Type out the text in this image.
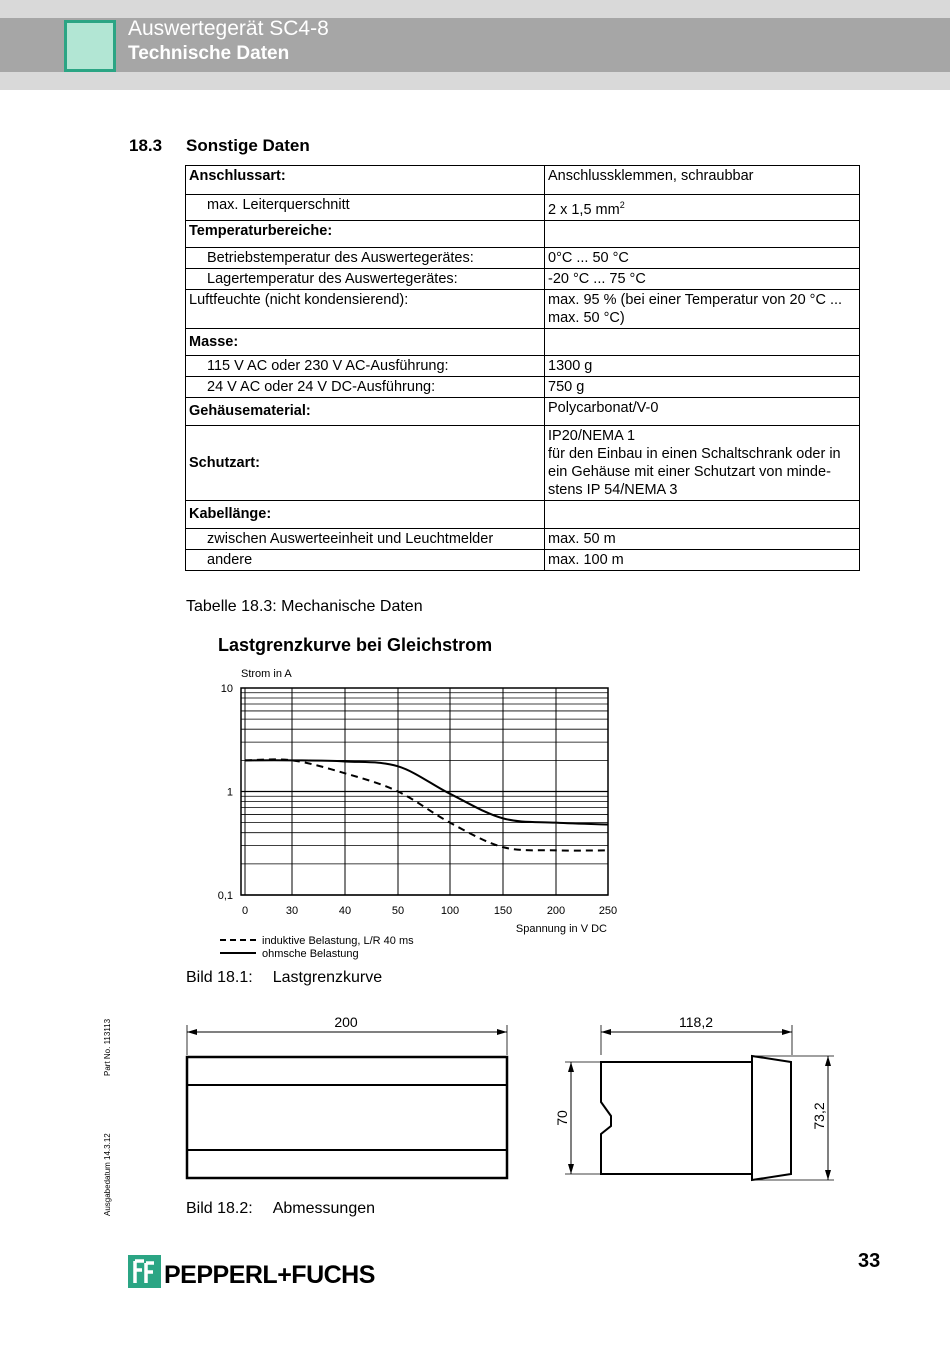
Auswertegerät SC4-8
Technische Daten
18.3 Sonstige Daten
Anschlussart:	Anschlussklemmen, schraubbar
max. Leiterquerschnitt	2 x 1,5 $mm^2$
Temperaturbereiche:	
Betriebstemperatur des Auswertegerätes:	0°C ... 50 °C
Lagertemperatur des Auswertegerätes:	-20 °C ... 75 °C
Luftfeuchte (nicht kondensierend):	max. 95 % (bei einer Temperatur von 20 °C ...
max. 50 °C)

Masse:	
115 V AC oder 230 V AC-Ausführung:	1300 g
24 V AC oder 24 V DC-Ausführung:	750 g
Gehäusematerial:	Polycarbonat/V-0
Schutzart:	IP20/NEMA 1
für den Einbau in einen Schaltschrank oder in
ein Gehäuse mit einer Schutzart von minde-
stens IP 54/NEMA 3

Kabellänge:	
zwischen Auswerteeinheit und Leuchtmelder	max. 50 m
andere	max. 100 m
Tabelle 18.3: Mechanische Daten
Lastgrenzkurve bei Gleichstrom
Strom in A
10
1
0,1
0	30	40	50	100	150	200	250
Spannung in V DC
induktive Belastung, L/R 40 ms
ohmsche Belastung
Bild 18.1: Lastgrenzkurve
200	118,2
70	73,2
Bild 18.2: Abmessungen
Part No. 113113
Ausgabedatum 14.3.12
33
PEPPERL+FUCHS
